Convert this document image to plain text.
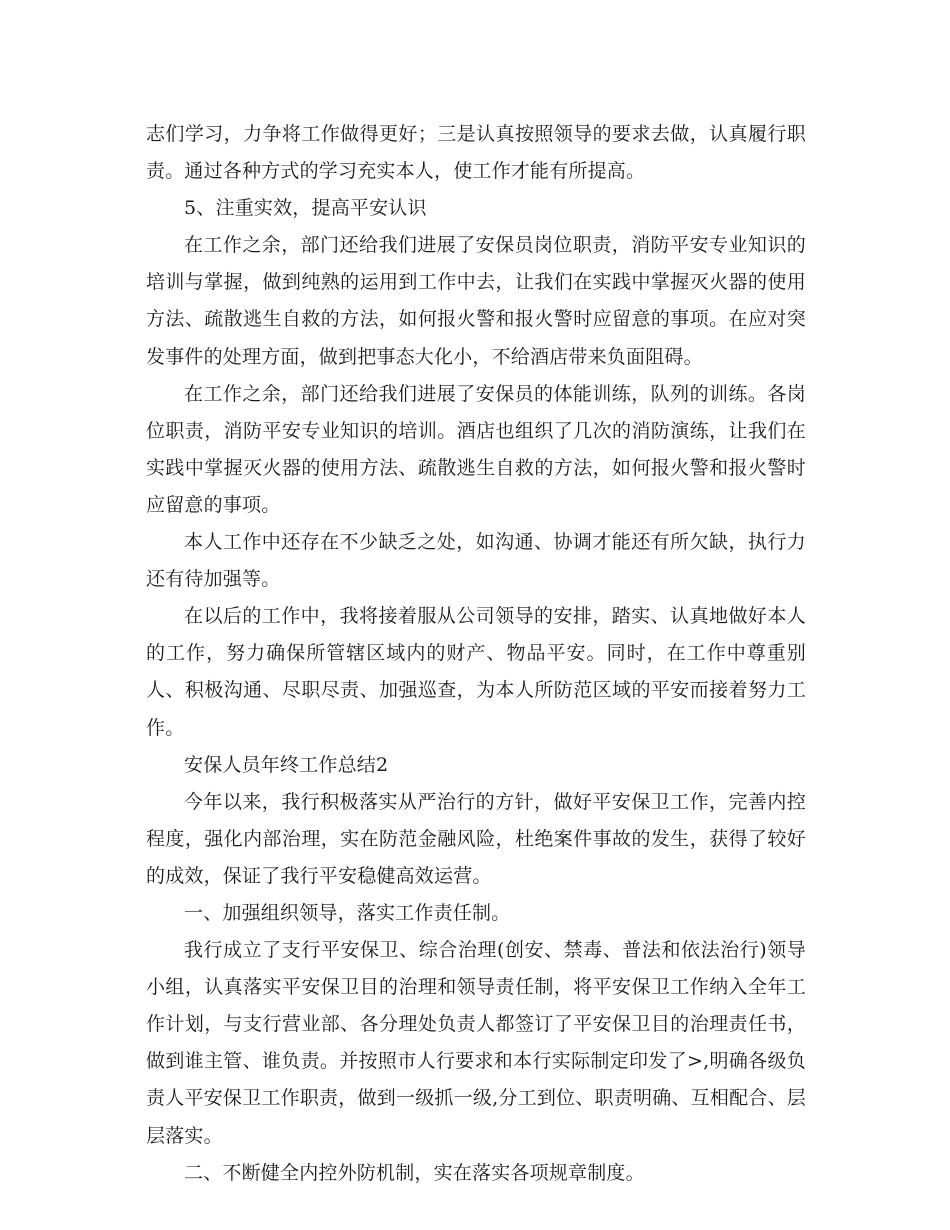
志们学习，力争将工作做得更好；三是认真按照领导的要求去做，认真履行职责。通过各种方式的学习充实本人，使工作才能有所提高。

5、注重实效，提高平安认识

在工作之余，部门还给我们进展了安保员岗位职责，消防平安专业知识的培训与掌握，做到纯熟的运用到工作中去，让我们在实践中掌握灭火器的使用方法、疏散逃生自救的方法，如何报火警和报火警时应留意的事项。在应对突发事件的处理方面，做到把事态大化小，不给酒店带来负面阻碍。

在工作之余，部门还给我们进展了安保员的体能训练，队列的训练。各岗位职责，消防平安专业知识的培训。酒店也组织了几次的消防演练，让我们在实践中掌握灭火器的使用方法、疏散逃生自救的方法，如何报火警和报火警时应留意的事项。

本人工作中还存在不少缺乏之处，如沟通、协调才能还有所欠缺，执行力还有待加强等。

在以后的工作中，我将接着服从公司领导的安排，踏实、认真地做好本人的工作，努力确保所管辖区域内的财产、物品平安。同时，在工作中尊重别人、积极沟通、尽职尽责、加强巡查，为本人所防范区域的平安而接着努力工作。

安保人员年终工作总结2

今年以来，我行积极落实从严治行的方针，做好平安保卫工作，完善内控程度，强化内部治理，实在防范金融风险，杜绝案件事故的发生，获得了较好的成效，保证了我行平安稳健高效运营。

一、加强组织领导，落实工作责任制。

我行成立了支行平安保卫、综合治理(创安、禁毒、普法和依法治行)领导小组，认真落实平安保卫目的治理和领导责任制，将平安保卫工作纳入全年工作计划，与支行营业部、各分理处负责人都签订了平安保卫目的治理责任书，做到谁主管、谁负责。并按照市人行要求和本行实际制定印发了>,明确各级负责人平安保卫工作职责，做到一级抓一级,分工到位、职责明确、互相配合、层层落实。

二、不断健全内控外防机制，实在落实各项规章制度。
